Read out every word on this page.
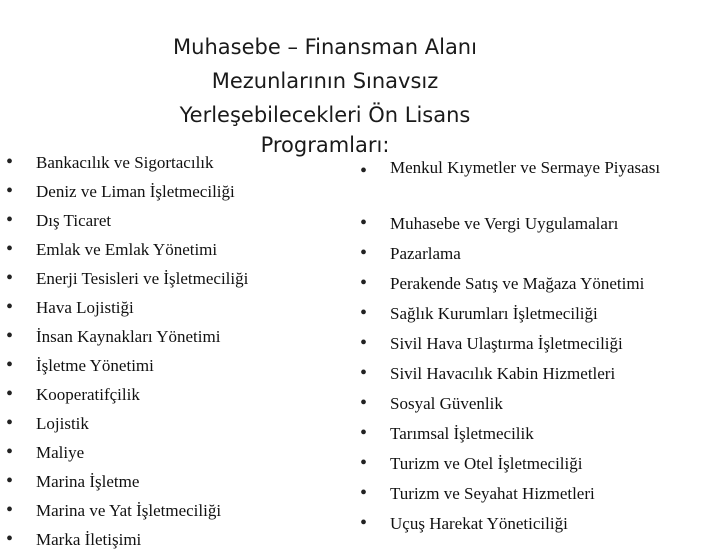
Muhasebe – Finansman Alanı
Mezunlarının Sınavsız
Yerleşebilecekleri Ön Lisans
• Bankacılık ve Sigortacılık
• Deniz ve Liman İşletmeciliği
• Dış Ticaret
• Emlak ve Emlak Yönetimi
• Enerji Tesisleri ve İşletmeciliği
• Hava Lojistiği
• İnsan Kaynakları Yönetimi
• İşletme Yönetimi
• Kooperatifçilik
• Lojistik
• Maliye
• Marina İşletme
• Marina ve Yat İşletmeciliği
• Marka İletişimi
• Menkul Kıymetler ve Sermaye Piyasası
• Muhasebe ve Vergi Uygulamaları
• Pazarlama
• Perakende Satış ve Mağaza Yönetimi
• Sağlık Kurumları İşletmeciliği
• Sivil Hava Ulaştırma İşletmeciliği
• Sivil Havacılık Kabin Hizmetleri
• Sosyal Güvenlik
• Tarımsal İşletmecilik
• Turizm ve Otel İşletmeciliği
• Turizm ve Seyahat Hizmetleri
• Uçuş Harekat Yöneticiliği
Programları:
